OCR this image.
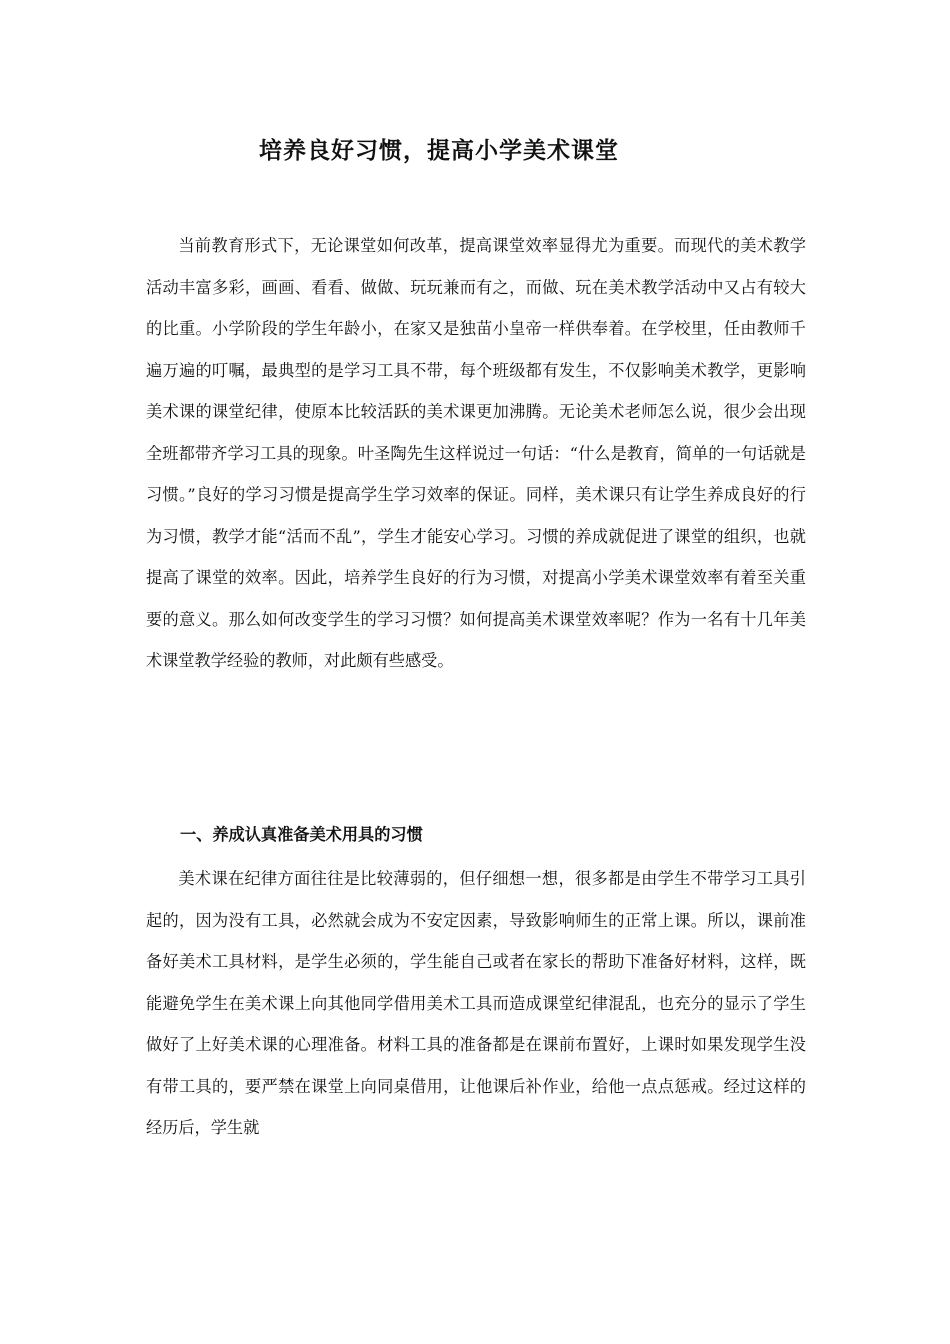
培养良好习惯，提高小学美术课堂

当前教育形式下，无论课堂如何改革，提高课堂效率显得尤为重要。而现代的美术教学活动丰富多彩，画画、看看、做做、玩玩兼而有之，而做、玩在美术教学活动中又占有较大的比重。小学阶段的学生年龄小，在家又是独苗小皇帝一样供奉着。在学校里，任由教师千遍万遍的叮嘱，最典型的是学习工具不带，每个班级都有发生，不仅影响美术教学，更影响美术课的课堂纪律，使原本比较活跃的美术课更加沸腾。无论美术老师怎么说，很少会出现全班都带齐学习工具的现象。叶圣陶先生这样说过一句话：“什么是教育，简单的一句话就是习惯。”良好的学习习惯是提高学生学习效率的保证。同样，美术课只有让学生养成良好的行为习惯，教学才能“活而不乱”，学生才能安心学习。习惯的养成就促进了课堂的组织，也就提高了课堂的效率。因此，培养学生良好的行为习惯，对提高小学美术课堂效率有着至关重要的意义。那么如何改变学生的学习习惯？如何提高美术课堂效率呢？作为一名有十几年美术课堂教学经验的教师，对此颇有些感受。

一、养成认真准备美术用具的习惯

美术课在纪律方面往往是比较薄弱的，但仔细想一想，很多都是由学生不带学习工具引起的，因为没有工具，必然就会成为不安定因素，导致影响师生的正常上课。所以，课前准备好美术工具材料，是学生必须的，学生能自己或者在家长的帮助下准备好材料，这样，既能避免学生在美术课上向其他同学借用美术工具而造成课堂纪律混乱，也充分的显示了学生做好了上好美术课的心理准备。材料工具的准备都是在课前布置好，上课时如果发现学生没有带工具的，要严禁在课堂上向同桌借用，让他课后补作业，给他一点点惩戒。经过这样的经历后，学生就
